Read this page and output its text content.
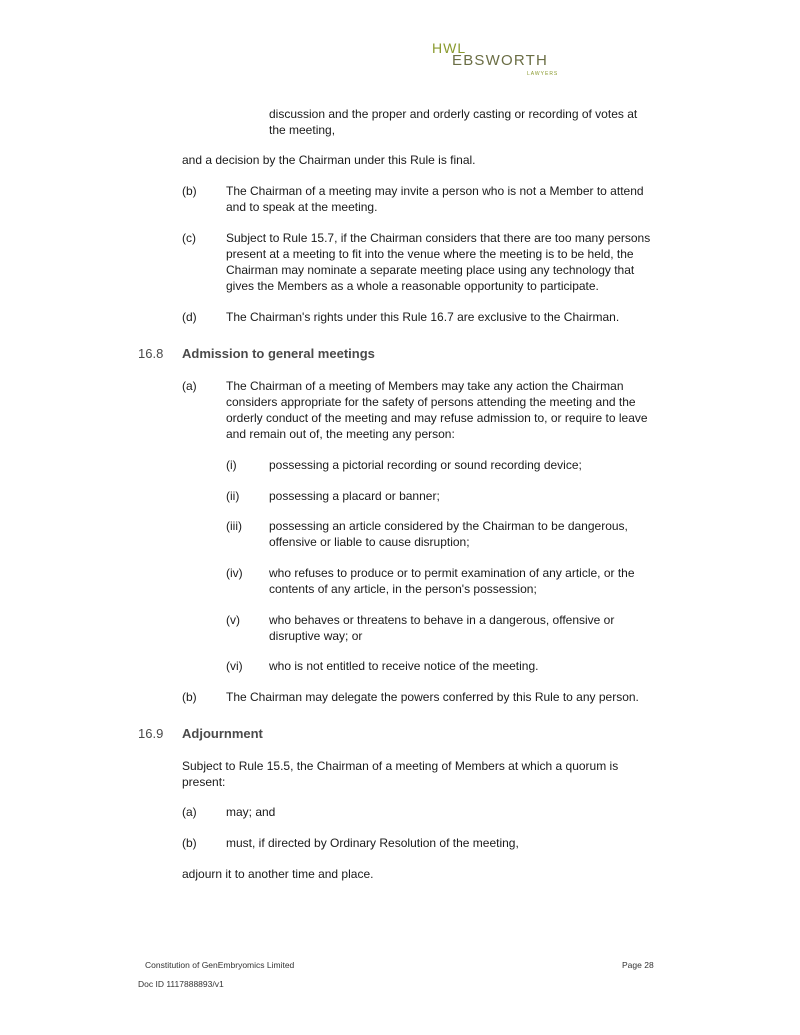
HWL
EBSWORTH
LAWYERS
discussion and the proper and orderly casting or recording of votes at
the meeting,
and a decision by the Chairman under this Rule is final.
(b) The Chairman of a meeting may invite a person who is not a Member to attend
and to speak at the meeting.
(c)	Subject to Rule 15.7, if the Chairman considers that there are too many persons
present at a meeting to fit into the venue where the meeting is to be held, the
Chairman may nominate a separate meeting place using any technology that
gives the Members as a whole a reasonable opportunity to participate.
(d) The Chairman's rights under this Rule 16.7 are exclusive to the Chairman.
16.8 Admission to general meetings
(a) The Chairman of a meeting of Members may take any action the Chairman
considers appropriate for the safety of persons attending the meeting and the
orderly conduct of the meeting and may refuse admission to, or require to leave
and remain out of, the meeting any person:
(i)	possessing a pictorial recording or sound recording device;
(ii) possessing a placard or banner;
(iii) possessing an article considered by the Chairman to be dangerous,
offensive or liable to cause disruption;
(iv) who refuses to produce or to permit examination of any article, or the
contents of any article, in the person's possession;
(v) who behaves or threatens to behave in a dangerous, offensive or
disruptive way; or
(vi) who is not entitled to receive notice of the meeting.
(b) The Chairman may delegate the powers conferred by this Rule to any person.
16.9 Adjournment
Subject to Rule 15.5, the Chairman of a meeting of Members at which a quorum is
present:
(a) may; and
(b) must, if directed by Ordinary Resolution of the meeting,
adjourn it to another time and place.
Constitution of GenEmbryomics Limited	Page 28
Doc ID 1117888893/v1
